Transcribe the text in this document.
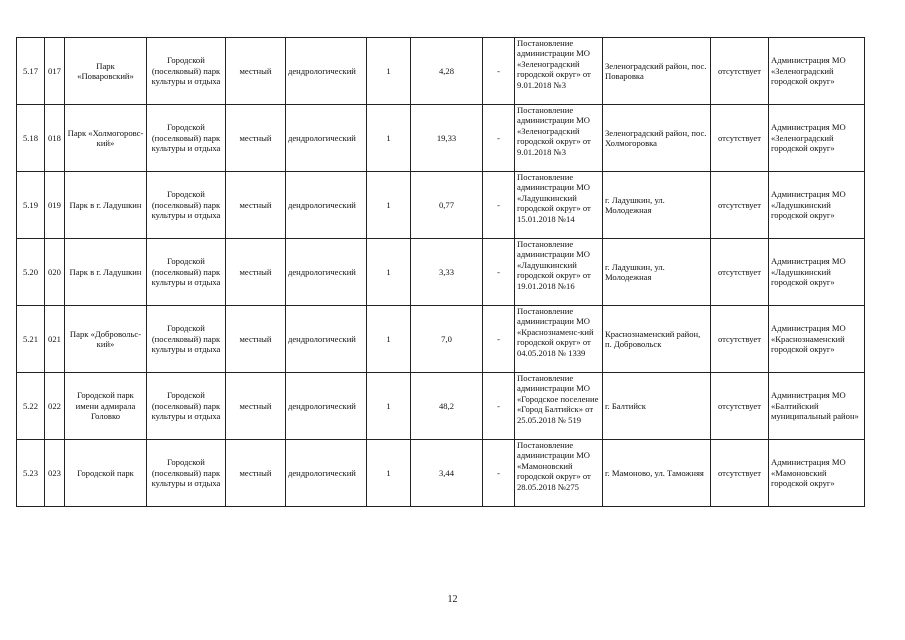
5.17	017	Парк «Поваровский»	Городской (поселковый) парк культуры и отдыха	местный	дендрологический	1	4,28	-	Постановление администрации МО «Зеленоградский городской округ» от 9.01.2018 №3	Зеленоградский район, пос. Поваровка	отсутствует	Администрация МО «Зеленоградский городской округ»
5.18	018	Парк «Холмогоровс-кий»	Городской (поселковый) парк культуры и отдыха	местный	дендрологический	1	19,33	-	Постановление администрации МО «Зеленоградский городской округ» от 9.01.2018 №3	Зеленоградский район, пос. Холмогоровка	отсутствует	Администрация МО «Зеленоградский городской округ»
5.19	019	Парк в г. Ладушкин	Городской (поселковый) парк культуры и отдыха	местный	дендрологический	1	0,77	-	Постановление администрации МО «Ладушкинский городской округ» от 15.01.2018 №14	г. Ладушкин, ул. Молодежная	отсутствует	Администрация МО «Ладушкинский городской округ»
5.20	020	Парк в г. Ладушкин	Городской (поселковый) парк культуры и отдыха	местный	дендрологический	1	3,33	-	Постановление администрации МО «Ладушкинский городской округ» от 19.01.2018 №16	г. Ладушкин, ул. Молодежная	отсутствует	Администрация МО «Ладушкинский городской округ»
5.21	021	Парк «Добровольс-кий»	Городской (поселковый) парк культуры и отдыха	местный	дендрологический	1	7,0	-	Постановление администрации МО «Краснознаменс-кий городской округ» от 04.05.2018 № 1339	Краснознаменский район, п. Добровольск	отсутствует	Администрация МО «Краснознаменский городской округ»
5.22	022	Городской парк имени адмирала Головко	Городской (поселковый) парк культуры и отдыха	местный	дендрологический	1	48,2	-	Постановление администрации МО «Городское поселение «Город Балтийск» от 25.05.2018 № 519	г. Балтийск	отсутствует	Администрация МО «Балтийский муниципальный район»
5.23	023	Городской парк	Городской (поселковый) парк культуры и отдыха	местный	дендрологический	1	3,44	-	Постановление администрации МО «Мамоновский городской округ» от 28.05.2018 №275	г. Мамоново, ул. Таможняя	отсутствует	Администрация МО «Мамоновский городской округ»
12
